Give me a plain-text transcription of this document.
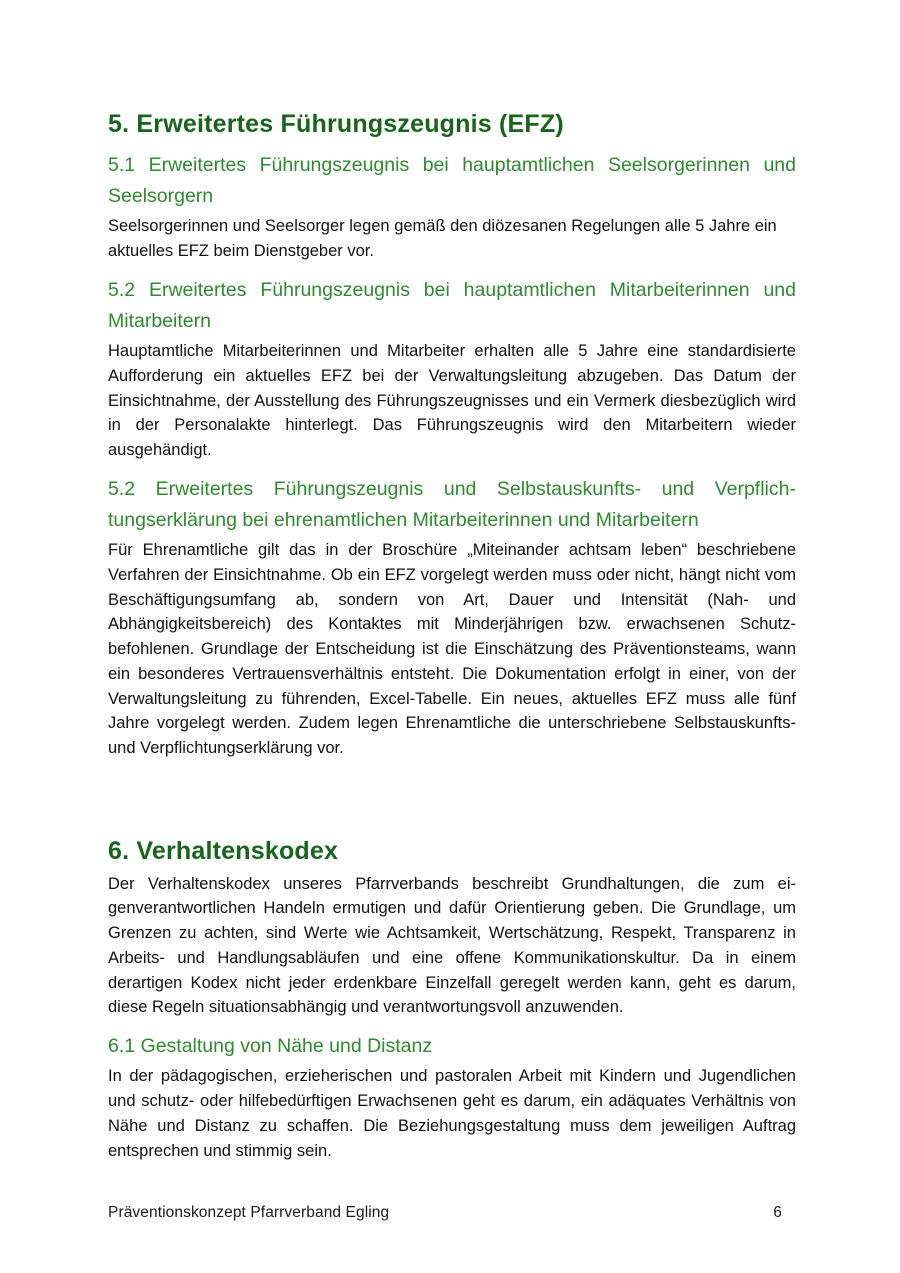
5. Erweitertes Führungszeugnis (EFZ)
5.1 Erweitertes Führungszeugnis bei hauptamtlichen Seelsorgerinnen und Seelsorgern

Seelsorgerinnen und Seelsorger legen gemäß den diözesanen Regelungen alle 5 Jahre ein aktuelles EFZ beim Dienstgeber vor.

5.2 Erweitertes Führungszeugnis bei hauptamtlichen Mitarbeiterinnen und Mitarbeitern

Hauptamtliche Mitarbeiterinnen und Mitarbeiter erhalten alle 5 Jahre eine standardisierte Aufforderung ein aktuelles EFZ bei der Verwaltungsleitung abzugeben. Das Datum der Einsichtnahme, der Ausstellung des Führungszeugnisses und ein Vermerk diesbezüglich wird in der Personalakte hinterlegt. Das Führungszeugnis wird den Mitarbeitern wieder ausgehändigt.

5.2 Erweitertes Führungszeugnis und Selbstauskunfts- und Verpflichtungserklärung bei ehrenamtlichen Mitarbeiterinnen und Mitarbeitern

Für Ehrenamtliche gilt das in der Broschüre „Miteinander achtsam leben“ beschriebene Verfahren der Einsichtnahme. Ob ein EFZ vorgelegt werden muss oder nicht, hängt nicht vom Beschäftigungsumfang ab, sondern von Art, Dauer und Intensität (Nah- und Abhängigkeitsbereich) des Kontaktes mit Minderjährigen bzw. erwachsenen Schutzbefohlenen. Grundlage der Entscheidung ist die Einschätzung des Präventionsteams, wann ein besonderes Vertrauensverhältnis entsteht. Die Dokumentation erfolgt in einer, von der Verwaltungsleitung zu führenden, Excel-Tabelle. Ein neues, aktuelles EFZ muss alle fünf Jahre vorgelegt werden. Zudem legen Ehrenamtliche die unterschriebene Selbstauskunfts- und Verpflichtungserklärung vor.

6. Verhaltenskodex

Der Verhaltenskodex unseres Pfarrverbands beschreibt Grundhaltungen, die zum eigenverantwortlichen Handeln ermutigen und dafür Orientierung geben. Die Grundlage, um Grenzen zu achten, sind Werte wie Achtsamkeit, Wertschätzung, Respekt, Transparenz in Arbeits- und Handlungsabläufen und eine offene Kommunikationskultur. Da in einem derartigen Kodex nicht jeder erdenkbare Einzelfall geregelt werden kann, geht es darum, diese Regeln situationsabhängig und verantwortungsvoll anzuwenden.

6.1 Gestaltung von Nähe und Distanz

In der pädagogischen, erzieherischen und pastoralen Arbeit mit Kindern und Jugendlichen und schutz- oder hilfebedürftigen Erwachsenen geht es darum, ein adäquates Verhältnis von Nähe und Distanz zu schaffen. Die Beziehungsgestaltung muss dem jeweiligen Auftrag entsprechen und stimmig sein.

Präventionskonzept Pfarrverband Egling	6
